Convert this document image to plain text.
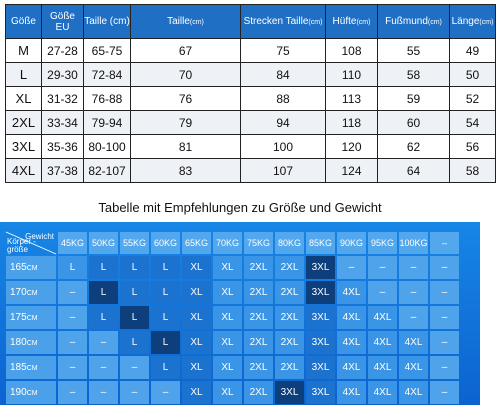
Göße	Göße EU	Taille (cm)	Taille(cm)	Strecken Taille(cm)	Hüfte(cm)	Fußmund(cm)	Länge(cm)
M	27-28	65-75	67	75	108	55	49
L	29-30	72-84	70	84	110	58	50
XL	31-32	76-88	76	88	113	59	52
2XL	33-34	79-94	79	94	118	60	54
3XL	35-36	80-100	81	100	120	62	56
4XL	37-38	82-107	83	107	124	64	58
Tabelle mit Empfehlungen zu Größe und Gewicht
Gewicht
Körper -größe	45KG	50KG	55KG	60KG	65KG	70KG	75KG	80KG	85KG	90KG	95KG	100KG	–
165CM	L	L	L	L	XL	XL	2XL	2XL	3XL	–	–	–	–
170CM	–	L	L	L	XL	XL	2XL	2XL	3XL	4XL	–	–	–
175CM	–	L	L	L	XL	XL	2XL	2XL	3XL	4XL	4XL	–	–
180CM	–	–	L	L	XL	XL	2XL	2XL	3XL	4XL	4XL	4XL	–
185CM	–	–	–	L	XL	XL	2XL	2XL	3XL	4XL	4XL	4XL	–
190CM	–	–	–	–	XL	XL	2XL	3XL	3XL	4XL	4XL	4XL	–
